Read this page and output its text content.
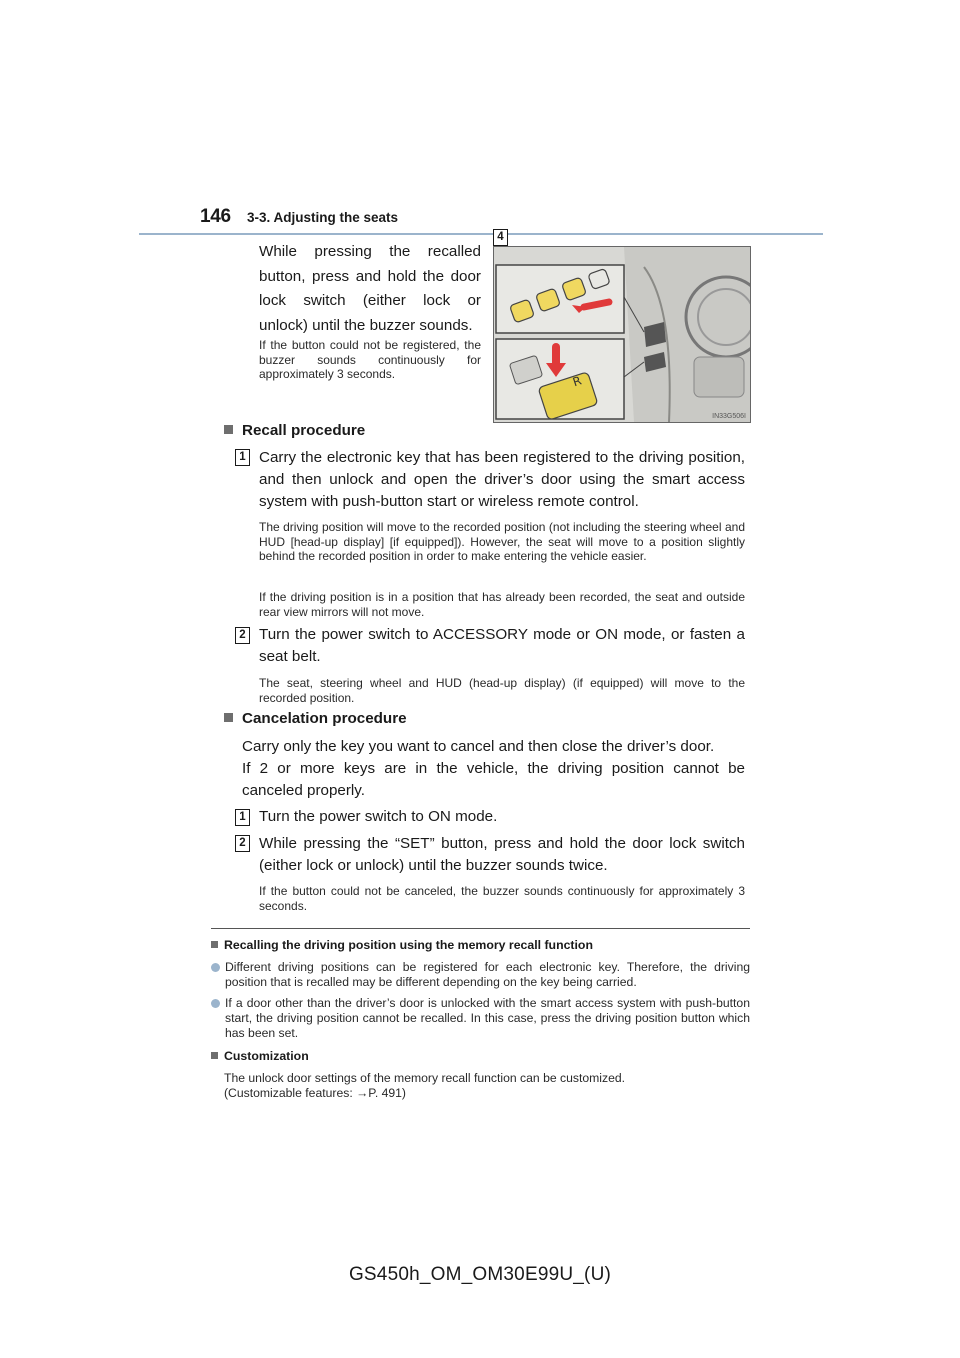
146 3-3. Adjusting the seats
4
While pressing the recalled button, press and hold the door lock switch (either lock or unlock) until the buzzer sounds.
If the button could not be registered, the buzzer sounds continuously for approximately 3 seconds.	R
IN33G506I
Recall procedure
1 Carry the electronic key that has been registered to the driving position, and then unlock and open the driver’s door using the smart access system with push-button start or wireless remote control.
The driving position will move to the recorded position (not including the steering wheel and HUD [head-up display] [if equipped]). However, the seat will move to a position slightly behind the recorded position in order to make entering the vehicle easier.
If the driving position is in a position that has already been recorded, the seat and outside rear view mirrors will not move.
2 Turn the power switch to ACCESSORY mode or ON mode, or fasten a seat belt.
The seat, steering wheel and HUD (head-up display) (if equipped) will move to the recorded position.
Cancelation procedure
Carry only the key you want to cancel and then close the driver’s door.
If 2 or more keys are in the vehicle, the driving position cannot be canceled properly.
1 Turn the power switch to ON mode.
2 While pressing the “SET” button, press and hold the door lock switch (either lock or unlock) until the buzzer sounds twice.
If the button could not be canceled, the buzzer sounds continuously for approximately 3 seconds.
Recalling the driving position using the memory recall function
Different driving positions can be registered for each electronic key. Therefore, the driving position that is recalled may be different depending on the key being carried.
If a door other than the driver’s door is unlocked with the smart access system with push-button start, the driving position cannot be recalled. In this case, press the driving position button which has been set.
Customization
The unlock door settings of the memory recall function can be customized.
(Customizable features: →P. 491)
GS450h_OM_OM30E99U_(U)
